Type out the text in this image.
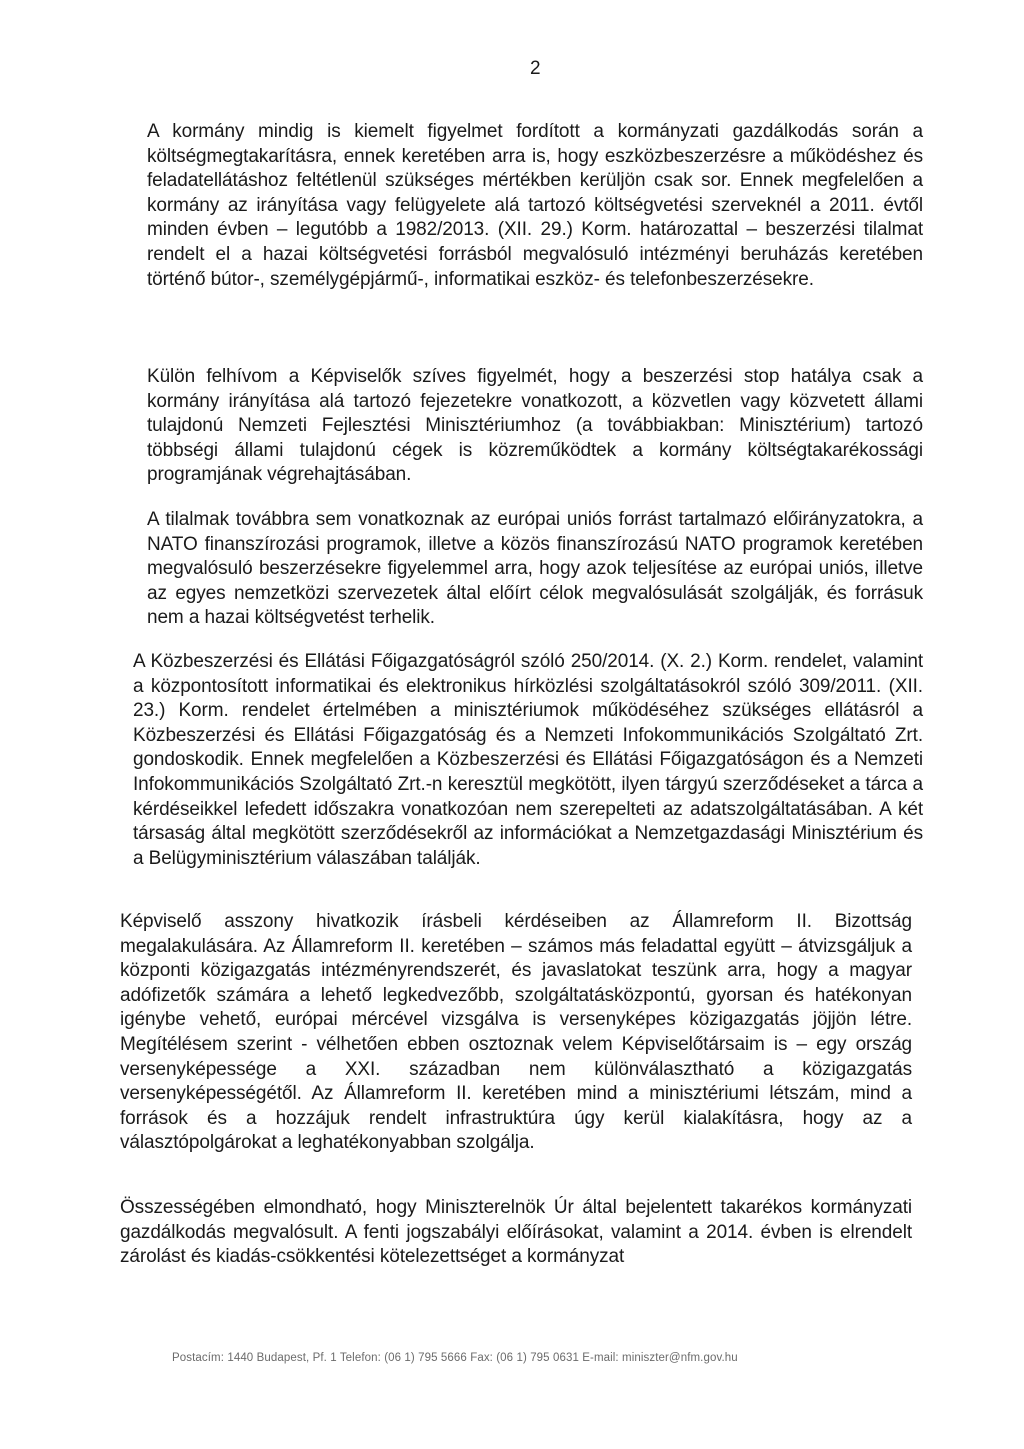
2

A kormány mindig is kiemelt figyelmet fordított a kormányzati gazdálkodás során a költségmegtakarításra, ennek keretében arra is, hogy eszközbeszerzésre a működéshez és feladatellátáshoz feltétlenül szükséges mértékben kerüljön csak sor. Ennek megfelelően a kormány az irányítása vagy felügyelete alá tartozó költségvetési szerveknél a 2011. évtől minden évben – legutóbb a 1982/2013. (XII. 29.) Korm. határozattal – beszerzési tilalmat rendelt el a hazai költségvetési forrásból megvalósuló intézményi beruházás keretében történő bútor-, személygépjármű-, informatikai eszköz- és telefonbeszerzésekre.

Külön felhívom a Képviselők szíves figyelmét, hogy a beszerzési stop hatálya csak a kormány irányítása alá tartozó fejezetekre vonatkozott, a közvetlen vagy közvetett állami tulajdonú Nemzeti Fejlesztési Minisztériumhoz (a továbbiakban: Minisztérium) tartozó többségi állami tulajdonú cégek is közreműködtek a kormány költségtakarékossági programjának végrehajtásában.

A tilalmak továbbra sem vonatkoznak az európai uniós forrást tartalmazó előirányzatokra, a NATO finanszírozási programok, illetve a közös finanszírozású NATO programok keretében megvalósuló beszerzésekre figyelemmel arra, hogy azok teljesítése az európai uniós, illetve az egyes nemzetközi szervezetek által előírt célok megvalósulását szolgálják, és forrásuk nem a hazai költségvetést terhelik.

A Közbeszerzési és Ellátási Főigazgatóságról szóló 250/2014. (X. 2.) Korm. rendelet, valamint a központosított informatikai és elektronikus hírközlési szolgáltatásokról szóló 309/2011. (XII. 23.) Korm. rendelet értelmében a minisztériumok működéséhez szükséges ellátásról a Közbeszerzési és Ellátási Főigazgatóság és a Nemzeti Infokommunikációs Szolgáltató Zrt. gondoskodik. Ennek megfelelően a Közbeszerzési és Ellátási Főigazgatóságon és a Nemzeti Infokommunikációs Szolgáltató Zrt.-n keresztül megkötött, ilyen tárgyú szerződéseket a tárca a kérdéseikkel lefedett időszakra vonatkozóan nem szerepelteti az adatszolgáltatásában. A két társaság által megkötött szerződésekről az információkat a Nemzetgazdasági Minisztérium és a Belügyminisztérium válaszában találják.

Képviselő asszony hivatkozik írásbeli kérdéseiben az Államreform II. Bizottság megalakulására. Az Államreform II. keretében – számos más feladattal együtt – átvizsgáljuk a központi közigazgatás intézményrendszerét, és javaslatokat teszünk arra, hogy a magyar adófizetők számára a lehető legkedvezőbb, szolgáltatásközpontú, gyorsan és hatékonyan igénybe vehető, európai mércével vizsgálva is versenyképes közigazgatás jöjjön létre. Megítélésem szerint - vélhetően ebben osztoznak velem Képviselőtársaim is – egy ország versenyképessége a XXI. században nem különválasztható a közigazgatás versenyképességétől. Az Államreform II. keretében mind a minisztériumi létszám, mind a források és a hozzájuk rendelt infrastruktúra úgy kerül kialakításra, hogy az a választópolgárokat a leghatékonyabban szolgálja.

Összességében elmondható, hogy Miniszterelnök Úr által bejelentett takarékos kormányzati gazdálkodás megvalósult. A fenti jogszabályi előírásokat, valamint a 2014. évben is elrendelt zárolást és kiadás-csökkentési kötelezettséget a kormányzat

Postacím: 1440 Budapest, Pf. 1 Telefon: (06 1) 795 5666 Fax: (06 1) 795 0631 E-mail: miniszter@nfm.gov.hu
